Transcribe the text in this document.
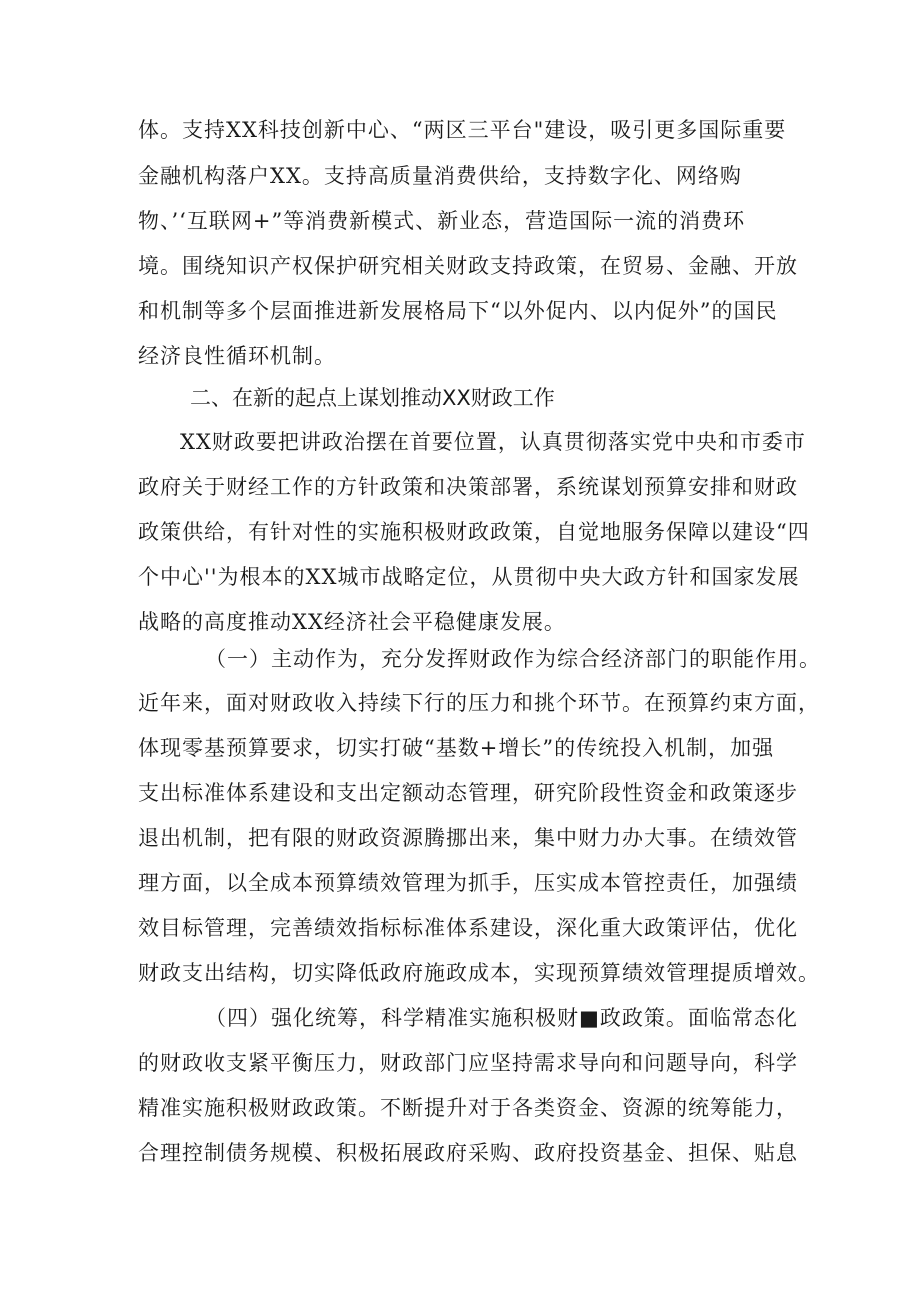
体。支持XX科技创新中心、“两区三平台"建设，吸引更多国际重要
金融机构落户XX。支持高质量消费供给，支持数字化、网络购
物、’‘互联网+”等消费新模式、新业态，营造国际一流的消费环
境。围绕知识产权保护研究相关财政支持政策，在贸易、金融、开放
和机制等多个层面推进新发展格局下“以外促内、以内促外”的国民
经济良性循环机制。
二、在新的起点上谋划推动XX财政工作
XX财政要把讲政治摆在首要位置，认真贯彻落实党中央和市委市
政府关于财经工作的方针政策和决策部署，系统谋划预算安排和财政
政策供给，有针对性的实施积极财政政策，自觉地服务保障以建设“四
个中心''为根本的XX城市战略定位，从贯彻中央大政方针和国家发展
战略的高度推动XX经济社会平稳健康发展。
（一）主动作为，充分发挥财政作为综合经济部门的职能作用。
近年来，面对财政收入持续下行的压力和挑个环节。在预算约束方面，
体现零基预算要求，切实打破“基数+增长”的传统投入机制，加强
支出标准体系建设和支出定额动态管理，研究阶段性资金和政策逐步
退出机制，把有限的财政资源腾挪出来，集中财力办大事。在绩效管
理方面，以全成本预算绩效管理为抓手，压实成本管控责任，加强绩
效目标管理，完善绩效指标标准体系建设，深化重大政策评估，优化
财政支出结构，切实降低政府施政成本，实现预算绩效管理提质增效。
（四）强化统筹，科学精准实施积极财■政政策。面临常态化
的财政收支紧平衡压力，财政部门应坚持需求导向和问题导向，科学
精准实施积极财政政策。不断提升对于各类资金、资源的统筹能力，
合理控制债务规模、积极拓展政府采购、政府投资基金、担保、贴息
